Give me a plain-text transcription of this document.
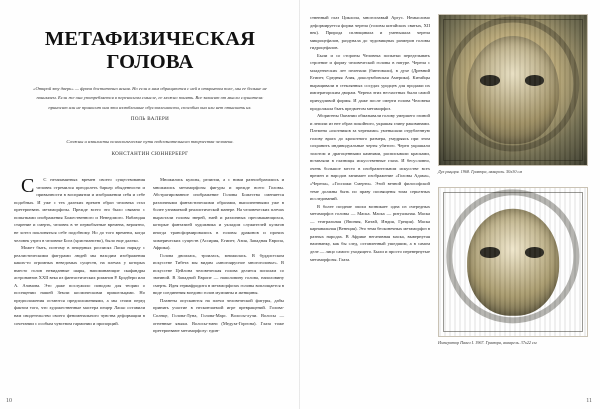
МЕТАФИЗИЧЕСКАЯ ГОЛОВА
«Открой эту дверь» — фраза достаточно ясная. Но если к нам обращаются с ней в открытом поле, мы ее больше не понимаем. Если же она употребляется в переносном смысле, ее можно понять. Все зависит от мысли слушателя: приносит или не приносит она эти излюбленные обусловленности, способна она или нет отыскать их.
ПОЛЬ ВАЛЕРИ
Сложны и извилисты психологические пути подсознательного творчества человека.
КОНСТАНТИН СЮННЕРБЕРГ

С	С незапамятных времен своего существования человек стремился преодолеть барьер обыденности и привычности в восприятии и изображении себя и себе подобных. И уже с тех далеких времен образ человека стал претерпевать метаморфозы. Прежде всего это было связано с попытками изображения Божественного и Неведомого. Наблюдая старение и смерть, человек в те первобытные времена, вероятно, не хотел поклоняться себе подобному. Но до того времени, когда человек узрел в человеке Бога (христианство), было еще далеко.

Может быть, поэтому в пещерных росписях Ласко наряду с реалистическими фигурами людей мы находим изображения каких-то огромных неведомых существ, на плечах у которых вместо голов невиданные шары, напоминающие скафандры астронавтов XXII века из фантастических романов Р. Брэдбери или А. Азимова. Это даже послужило поводом для теории о посещении нашей Земли космическими пришельцами. Но предположения остаются предположениями, а мы стоим перед фактом того, что художественные мастера пещер Ласко оставили нам свидетельство своего феноменального чувства деформации в сочетании с особым чувством гармонии и пропорций.

Множились культы, религии, а с ними разнообразились и множились метаморфозы фигуры и прежде всего Головы. Абстрагированное изображение Головы Божества сменяется различными фантастическими образами, выполненными уже в более узнаваемой реалистической манере. На человеческих плечах вырастали головы зверей, змей и различных пресмыкающихся, которые фантазией художника и укладом служителей культов иногда трансформировались в головы драконов и прочих химерических существ (Ассирия, Египет, Азия, Западная Европа, Африка).

Голова двоилась, троилась, множилась. В буддистском искусстве Тибета мы видим «многоярусное многоголовье». В искусстве Цейлона человеческая голова делится пополам со змеиной. В Западной Европе — наполовину голова, наполовину смерть. Идея гермафродита в метаморфозах головы воплощается в виде соединения воедино голов мужчины и женщины.

Планеты опускаются на плечи человеческой фигуры, дабы принять участие в нескончаемой игре превращений. Голова-Солнце, Голова-Луна, Голова-Марс. Волосы-лучи. Волосы — огненные языки. Волосы-змеи (Медуза-Горгона). Глаза тоже претерпевают метаморфозу: един-

10

ственный глаз Циклопа, многоглавый Аргус. Немыслимо деформируется форма черепа (головы китайских святых, XII век). Природа сплющивала и уменьшала черепа микроцефалов, раздувала до чудовищных размеров головы гидроцефалов.

Были и со стороны Человека попытки переделывать строение и форму человеческой головы в натуре. Черепа с младенческих лет пеленали (бинтовали), в духе (Древний Египет, Средняя Азия, доколумбовская Америка). Китайцы выращивали в стеклянных сосудах уродцев для продажи их императорским дворам. Черепа этих несчастных были самой причудливой формы. И даже после смерти голова Человека продолжала быть предметом метаморфоз.

Аборигены Океании обмазывали голову умершего глиной и лепили из нее образ покойного, украшая глину раковинами. Племена «охотников за черепами» уменьшали отрубленную голову врага до крохотного размера, умудряясь при этом сохранить индивидуальные черты убитого. Череп украшали золотом и драгоценными камнями, расписывали красками, вставляли в глазницы искусственные глаза. И бесусловно, очень большое место в изобразительном искусстве всех времен и народов занимает изображение «Головы Адама», «Черепа», «Госпожи Смерти». Этой вечной философской теме должны быть по праву посвящены тома серьезных исследований.

В более поздние эпохи возникает одна из очередных метаморфоз головы — Маска. Маска — ритуальная. Маска — театральная (Япония, Китай, Индия, Греция). Маска карнавальная (Венеция). Это тема бесконечных метаморфоз в разных народах. В Африке негативная маска, вывернутая наизнанку, как бы след, оставленный ушедшим, а в самом деле — лицо самого уходящего. Были и просто перевернутые метаморфозы. Глаза.

Дух рыцаря. 1968. Гравюра, акварель. 50х30 см
Император Павел I. 1967. Гравюра, акварель. 37х22 см
11
